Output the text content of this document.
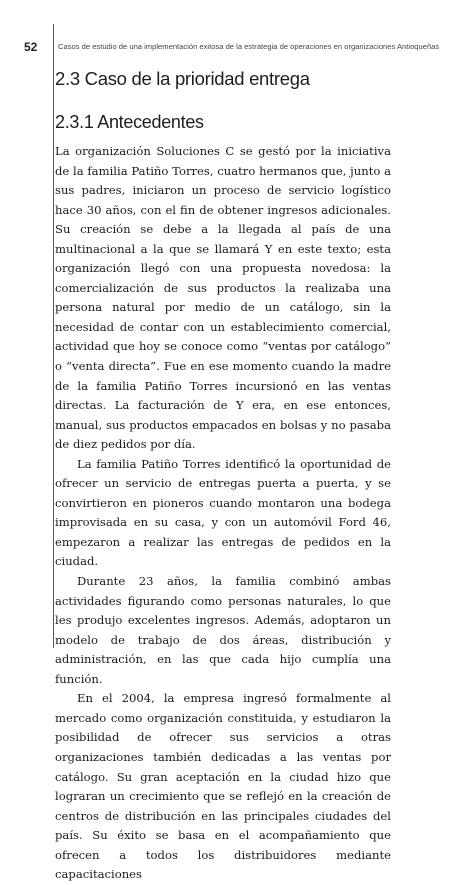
52	Casos de estudio de una implementación exitosa de la estrategia de operaciones en organizaciones Antioqueñas
2.3 Caso de la prioridad entrega
2.3.1 Antecedentes

La organización Soluciones C se gestó por la iniciativa de la familia Patiño Torres, cuatro hermanos que, junto a sus padres, iniciaron un proceso de servicio logístico hace 30 años, con el fin de obtener ingresos adicionales. Su creación se debe a la llegada al país de una multinacional a la que se llamará Y en este texto; esta organización llegó con una propuesta novedosa: la comercialización de sus productos la realizaba una persona natural por medio de un catálogo, sin la necesidad de contar con un establecimiento comercial, actividad que hoy se conoce como “ventas por catálogo” o “venta directa”. Fue en ese momento cuando la madre de la familia Patiño Torres incursionó en las ventas directas. La facturación de Y era, en ese entonces, manual, sus productos empacados en bolsas y no pasaba de diez pedidos por día.

La familia Patiño Torres identificó la oportunidad de ofrecer un servicio de entregas puerta a puerta, y se convirtieron en pioneros cuando montaron una bodega improvisada en su casa, y con un automóvil Ford 46, empezaron a realizar las entregas de pedidos en la ciudad.

Durante 23 años, la familia combinó ambas actividades figurando como personas naturales, lo que les produjo excelentes ingresos. Además, adoptaron un modelo de trabajo de dos áreas, distribución y administración, en las que cada hijo cumplía una función.

En el 2004, la empresa ingresó formalmente al mercado como organización constituida, y estudiaron la posibilidad de ofrecer sus servicios a otras organizaciones también dedicadas a las ventas por catálogo. Su gran aceptación en la ciudad hizo que lograran un crecimiento que se reflejó en la creación de centros de distribución en las principales ciudades del país. Su éxito se basa en el acompañamiento que ofrecen a todos los distribuidores mediante capacitaciones
